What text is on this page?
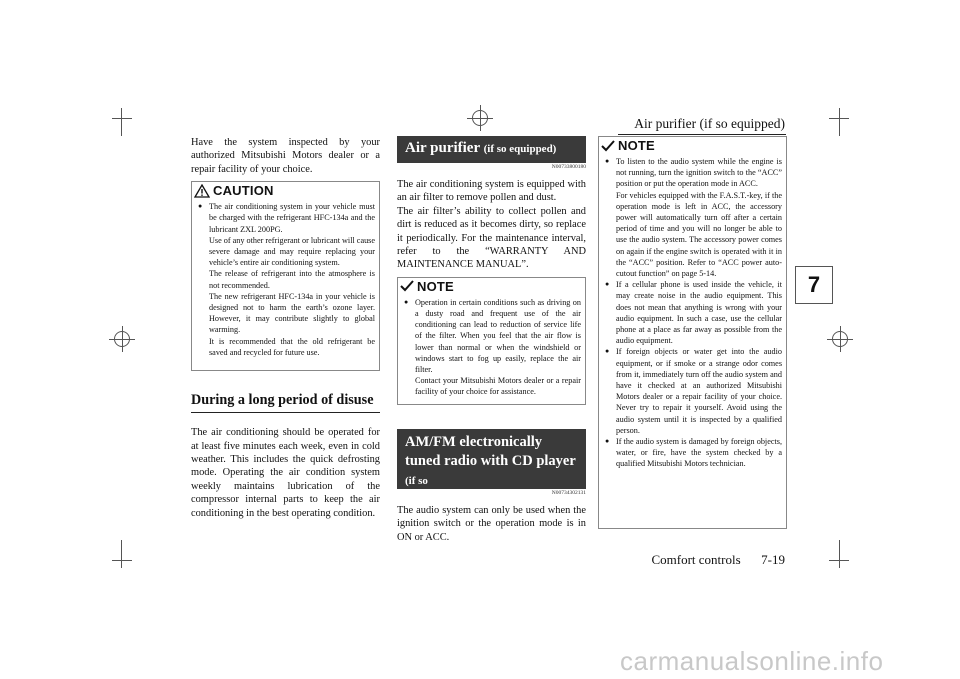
Air purifier (if so equipped)
7
Have the system inspected by your authorized Mitsubishi Motors dealer or a repair facility of your choice.
CAUTION
● The air conditioning system in your vehicle must be charged with the refrigerant HFC-134a and the lubricant ZXL 200PG.
Use of any other refrigerant or lubricant will cause severe damage and may require replacing your vehicle’s entire air conditioning system.
The release of refrigerant into the atmosphere is not recommended.
The new refrigerant HFC-134a in your vehicle is designed not to harm the earth’s ozone layer. However, it may contribute slightly to global warming.
It is recommended that the old refrigerant be saved and recycled for future use.
During a long period of disuse
The air conditioning should be operated for at least five minutes each week, even in cold weather. This includes the quick defrosting mode. Operating the air condition system weekly maintains lubrication of the compressor internal parts to keep the air conditioning in the best operating condition.
Air purifier (if so equipped)
N00733800180
The air conditioning system is equipped with an air filter to remove pollen and dust.
The air filter’s ability to collect pollen and dirt is reduced as it becomes dirty, so replace it periodically. For the maintenance interval, refer to the “WARRANTY AND MAINTENANCE MANUAL”.
NOTE
● Operation in certain conditions such as driving on a dusty road and frequent use of the air conditioning can lead to reduction of service life of the filter. When you feel that the air flow is lower than normal or when the windshield or windows start to fog up easily, replace the air filter.
Contact your Mitsubishi Motors dealer or a repair facility of your choice for assistance.
AM/FM electronically tuned radio with CD player (if so
equipped)
N00734302131
The audio system can only be used when the ignition switch or the operation mode is in ON or ACC.
NOTE
● To listen to the audio system while the engine is not running, turn the ignition switch to the “ACC” position or put the operation mode in ACC.
For vehicles equipped with the F.A.S.T.-key, if the operation mode is left in ACC, the accessory power will automatically turn off after a certain period of time and you will no longer be able to use the audio system. The accessory power comes on again if the engine switch is operated with it in the “ACC” position. Refer to “ACC power auto-cutout function” on page 5-14.
● If a cellular phone is used inside the vehicle, it may create noise in the audio equipment. This does not mean that anything is wrong with your audio equipment. In such a case, use the cellular phone at a place as far away as possible from the audio equipment.
● If foreign objects or water get into the audio equipment, or if smoke or a strange odor comes from it, immediately turn off the audio system and have it checked at an authorized Mitsubishi Motors dealer or a repair facility of your choice. Never try to repair it yourself. Avoid using the audio system until it is inspected by a qualified person.
● If the audio system is damaged by foreign objects, water, or fire, have the system checked by a qualified Mitsubishi Motors technician.
Comfort controls 7-19
carmanualsonline.info
